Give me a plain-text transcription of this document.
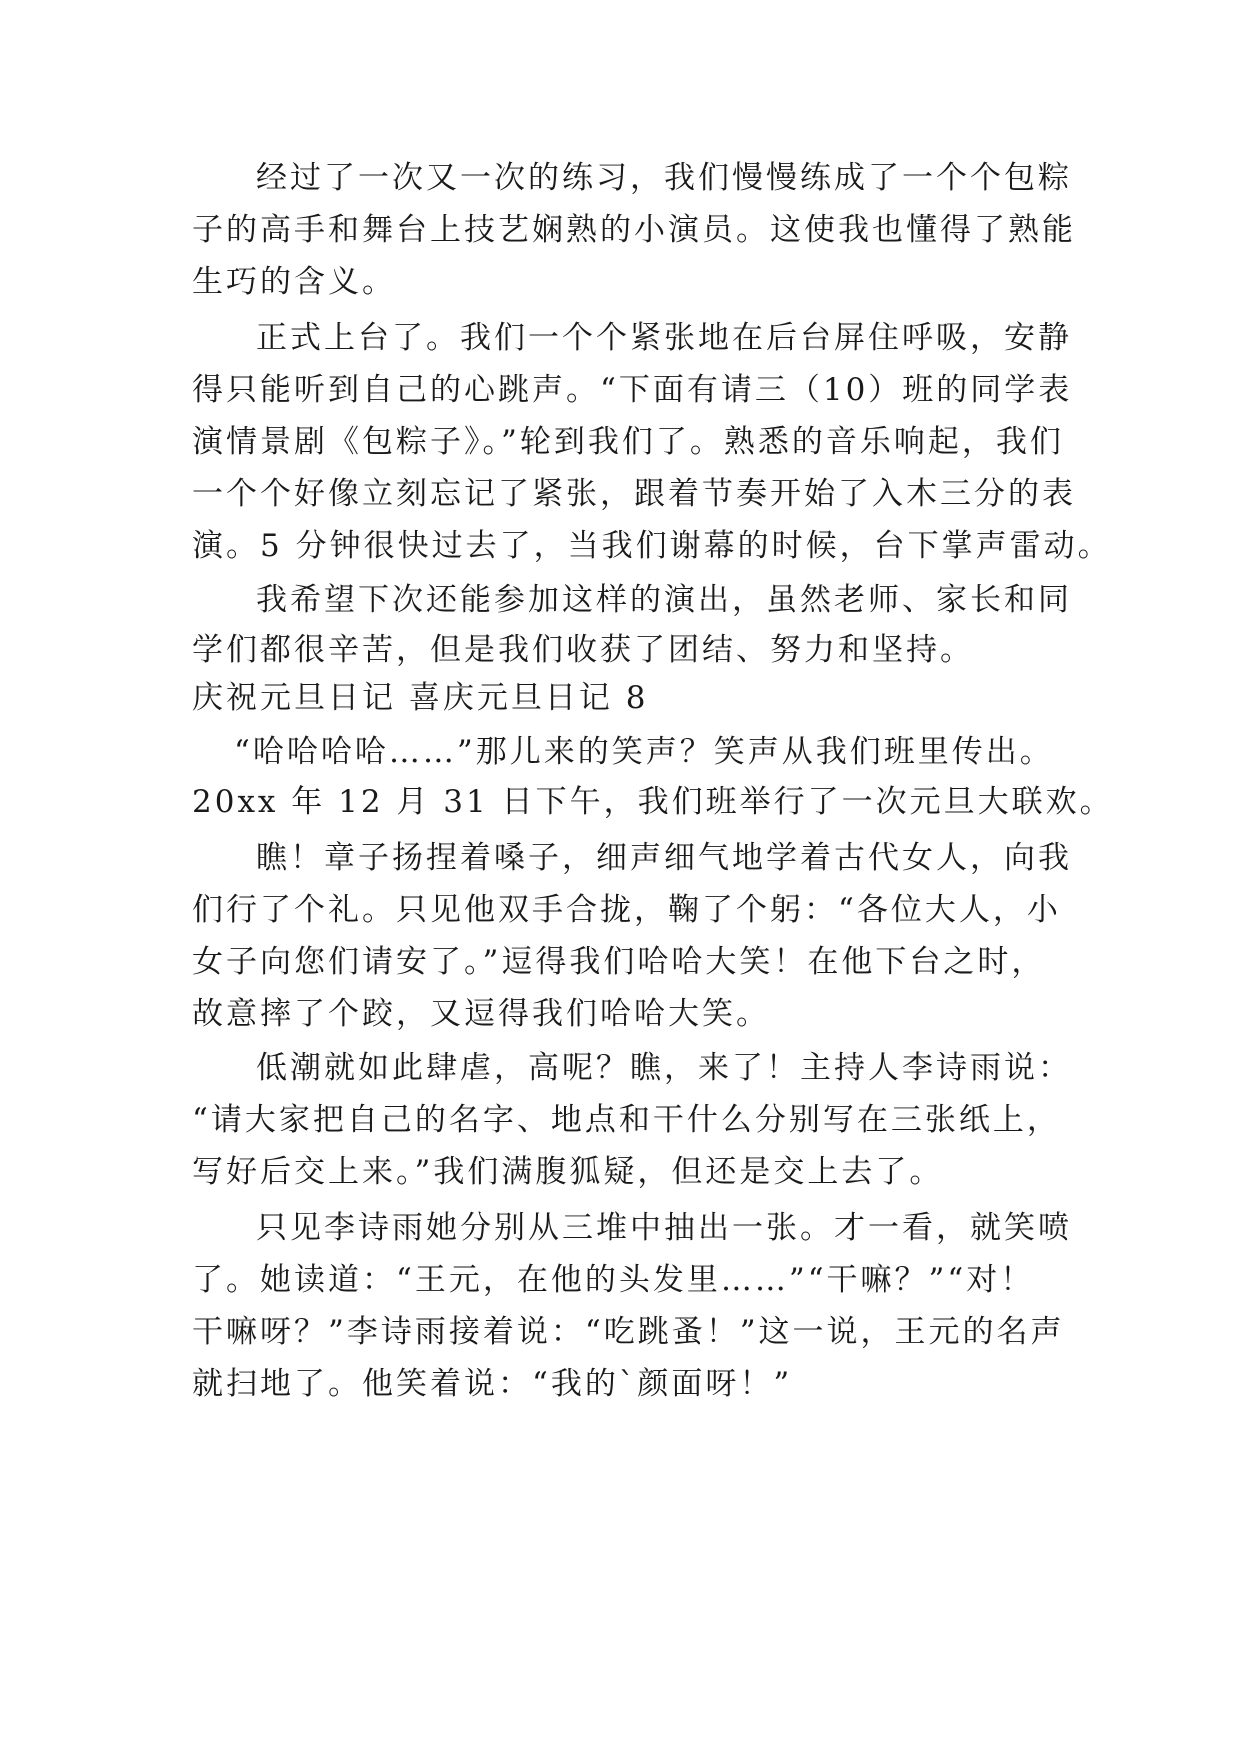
经过了一次又一次的练习，我们慢慢练成了一个个包粽
子的高手和舞台上技艺娴熟的小演员。这使我也懂得了熟能
生巧的含义。
正式上台了。我们一个个紧张地在后台屏住呼吸，安静
得只能听到自己的心跳声。“下面有请三（10）班的同学表
演情景剧《包粽子》。”轮到我们了。熟悉的音乐响起，我们
一个个好像立刻忘记了紧张，跟着节奏开始了入木三分的表
演。5 分钟很快过去了，当我们谢幕的时候，台下掌声雷动。
我希望下次还能参加这样的演出，虽然老师、家长和同
学们都很辛苦，但是我们收获了团结、努力和坚持。
庆祝元旦日记 喜庆元旦日记 8
“哈哈哈哈……”那儿来的笑声？笑声从我们班里传出。
20xx 年 12 月 31 日下午，我们班举行了一次元旦大联欢。
瞧！章子扬捏着嗓子，细声细气地学着古代女人，向我
们行了个礼。只见他双手合拢，鞠了个躬：“各位大人，小
女子向您们请安了。”逗得我们哈哈大笑！在他下台之时，
故意摔了个跤，又逗得我们哈哈大笑。
低潮就如此肆虐，高呢？瞧，来了！主持人李诗雨说：
“请大家把自己的名字、地点和干什么分别写在三张纸上，
写好后交上来。”我们满腹狐疑，但还是交上去了。
只见李诗雨她分别从三堆中抽出一张。才一看，就笑喷
了。她读道：“王元，在他的头发里……”“干嘛？”“对！
干嘛呀？”李诗雨接着说：“吃跳蚤！”这一说，王元的名声
就扫地了。他笑着说：“我的`颜面呀！”
